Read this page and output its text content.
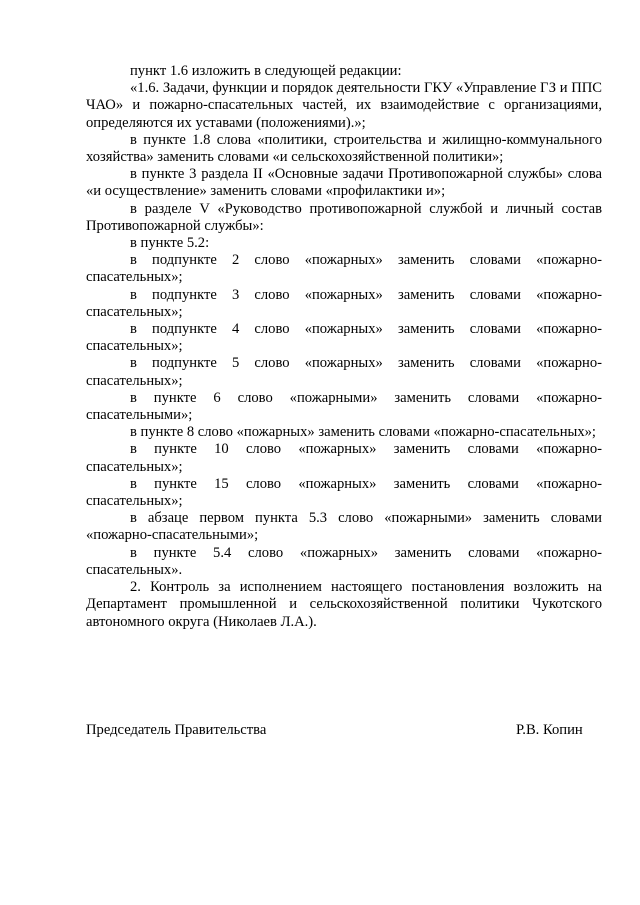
пункт 1.6 изложить в следующей редакции:

«1.6. Задачи, функции и порядок деятельности ГКУ «Управление ГЗ и ППС ЧАО» и пожарно-спасательных частей, их взаимодействие с организациями, определяются их уставами (положениями).»;

в пункте 1.8 слова «политики, строительства и жилищно-коммунального хозяйства» заменить словами «и сельскохозяйственной политики»;

в пункте 3 раздела II «Основные задачи Противопожарной службы» слова «и осуществление» заменить словами «профилактики и»;

в разделе V «Руководство противопожарной службой и личный состав Противопожарной службы»:

в пункте 5.2:

в подпункте 2 слово «пожарных» заменить словами «пожарно-спасательных»;

в подпункте 3 слово «пожарных» заменить словами «пожарно-спасательных»;

в подпункте 4 слово «пожарных» заменить словами «пожарно-спасательных»;

в подпункте 5 слово «пожарных» заменить словами «пожарно-спасательных»;

в пункте 6 слово «пожарными» заменить словами «пожарно-спасательными»;

в пункте 8 слово «пожарных» заменить словами «пожарно-спасательных»;

в пункте 10 слово «пожарных» заменить словами «пожарно-спасательных»;

в пункте 15 слово «пожарных» заменить словами «пожарно-спасательных»;

в абзаце первом пункта 5.3 слово «пожарными» заменить словами «пожарно-спасательными»;

в пункте 5.4 слово «пожарных» заменить словами «пожарно-спасательных».

2. Контроль за исполнением настоящего постановления возложить на Департамент промышленной и сельскохозяйственной политики Чукотского автономного округа (Николаев Л.А.).

Председатель Правительства	Р.В. Копин
